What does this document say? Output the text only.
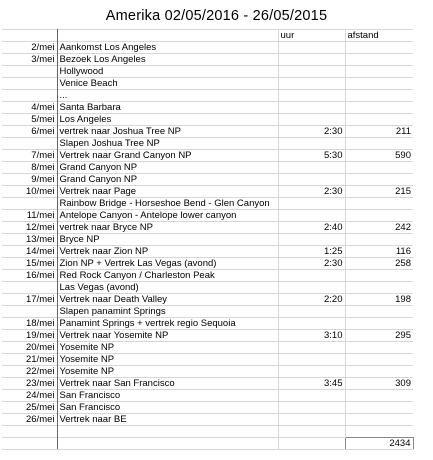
Amerika 02/05/2016 - 26/05/2015
		uur	afstand
2/mei	Aankomst Los Angeles		
3/mei	Bezoek Los Angeles		
	Hollywood		
	Venice Beach		
	...		
4/mei	Santa Barbara		
5/mei	Los Angeles		
6/mei	vertrek naar Joshua Tree NP	2:30	211
	Slapen Joshua Tree NP		
7/mei	Vertrek naar Grand Canyon NP	5:30	590
8/mei	Grand Canyon NP		
9/mei	Grand Canyon NP		
10/mei	Vertrek naar Page	2:30	215
	Rainbow Bridge - Horseshoe Bend - Glen Canyon		
11/mei	Antelope Canyon - Antelope lower canyon		
12/mei	vertrek naar Bryce NP	2:40	242
13/mei	Bryce NP		
14/mei	Vertrek naar Zion NP	1:25	116
15/mei	Zion NP + Vertrek Las Vegas (avond)	2:30	258
16/mei	Red Rock Canyon / Charleston Peak		
	Las Vegas (avond)		
17/mei	Vertrek naar Death Valley	2:20	198
	Slapen panamint Springs		
18/mei	Panamint Springs + vertrek regio Sequoia		
19/mei	Vertrek naar Yosemite NP	3:10	295
20/mei	Yosemite NP		
21/mei	Yosemite NP		
22/mei	Yosemite NP		
23/mei	Vertrek naar San Francisco	3:45	309
24/mei	San Francisco		
25/mei	San Francisco		
26/mei	Vertrek naar BE		

			2434
